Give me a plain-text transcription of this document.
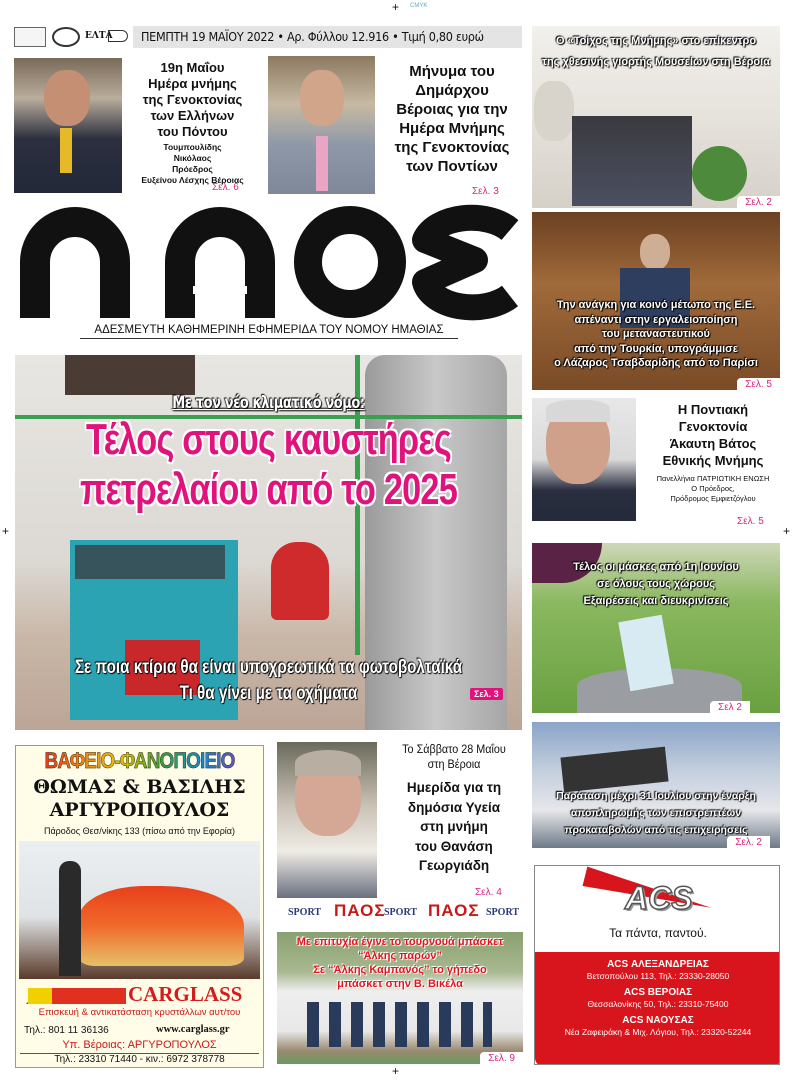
+ CMYK
+	+
+
ΕΛΤΑ	ΠΕΜΠΤΗ 19 ΜΑΪΟΥ 2022 • Αρ. Φύλλου 12.916 • Τιμή 0,80 ευρώ
19η Μαΐου
Ημέρα μνήμης
της Γενοκτονίας
των Ελλήνων
του Πόντου
Τουμπουλίδης
Νικόλαος
Πρόεδρος
Ευξείνου Λέσχης Βέροιας
Σελ. 6
Μήνυμα του
Δημάρχου
Βέροιας για την
Ημέρα Μνήμης
της Γενοκτονίας
των Ποντίων
Σελ. 3
ΑΔΕΣΜΕΥΤΗ ΚΑΘΗΜΕΡΙΝΗ ΕΦΗΜΕΡΙΔΑ ΤΟΥ ΝΟΜΟΥ ΗΜΑΘΙΑΣ
Με τον νέο κλιματικό νόμο:
Τέλος στους καυστήρες
πετρελαίου από το 2025
Σε ποια κτίρια θα είναι υποχρεωτικά τα φωτοβολταϊκά
Τι θα γίνει με τα οχήματα	Σελ. 3
Ο «Τοίχος της Μνήμης» στο επίκεντρο
της χθεσινής γιορτής Μουσείων στη Βέροια
Σελ. 2
Την ανάγκη για κοινό μέτωπο της Ε.Ε.
απέναντι στην εργαλειοποίηση
του μεταναστευτικού
από την Τουρκία, υπογράμμισε
ο Λάζαρος Τσαβδαρίδης από το Παρίσι
Σελ. 5
Η Ποντιακή
Γενοκτονία
Άκαυτη Βάτος
Εθνικής Μνήμης
Πανελλήνια ΠΑΤΡΙΩΤΙΚΗ ΕΝΩΣΗ
Ο Πρόεδρος,
Πρόδρομος Εμφιετζόγλου
Σελ. 5
Τέλος οι μάσκες από 1η Ιουνίου
σε όλους τους χώρους
Εξαιρέσεις και διευκρινίσεις
Σελ 2
Παράταση μέχρι 31 Ιουλίου στην έναρξη
αποπληρωμής των επιστρεπτέων
προκαταβολών από τις επιχειρήσεις
Σελ. 2
ACS
Τα πάντα, παντού.
ACS ΑΛΕΞΑΝΔΡΕΙΑΣ
Βετσοπούλου 113, Τηλ.: 23330-28050
ACS ΒΕΡΟΙΑΣ
Θεσσαλονίκης 50, Τηλ.: 23310-75400
ACS ΝΑΟΥΣΑΣ
Νέα Ζαφειράκη & Μιχ. Λόγιου, Τηλ.: 23320-52244
ΒΑΦΕΙΟ-ΦΑΝΟΠΟΙΕΙΟ
ΘΩΜΑΣ & ΒΑΣΙΛΗΣ
ΑΡΓΥΡΟΠΟΥΛΟΣ
Πάροδος Θεσ/νίκης 133 (πίσω από την Εφορία)
CARGLASS
Επισκευή & αντικατάσταση κρυστάλλων αυτ/του
Τηλ.: 801 11 36136	www.carglass.gr
Υπ. Βέροιας: ΑΡΓΥΡΟΠΟΥΛΟΣ
Τηλ.: 23310 71440 - κιν.: 6972 378778
Το Σάββατο 28 Μαΐου
στη Βέροια
Ημερίδα για τη
δημόσια Υγεία
στη μνήμη
του Θανάση
Γεωργιάδη
Σελ. 4
SPORT ΠΑΟΣ
SPORT ΠΑΟΣ SPORT
Με επιτυχία έγινε το τουρνουά μπάσκετ
“Άλκης παρών”
Σε “Άλκης Καμπανός” το γήπεδο
μπάσκετ στην Β. Βικέλα
Σελ. 9
